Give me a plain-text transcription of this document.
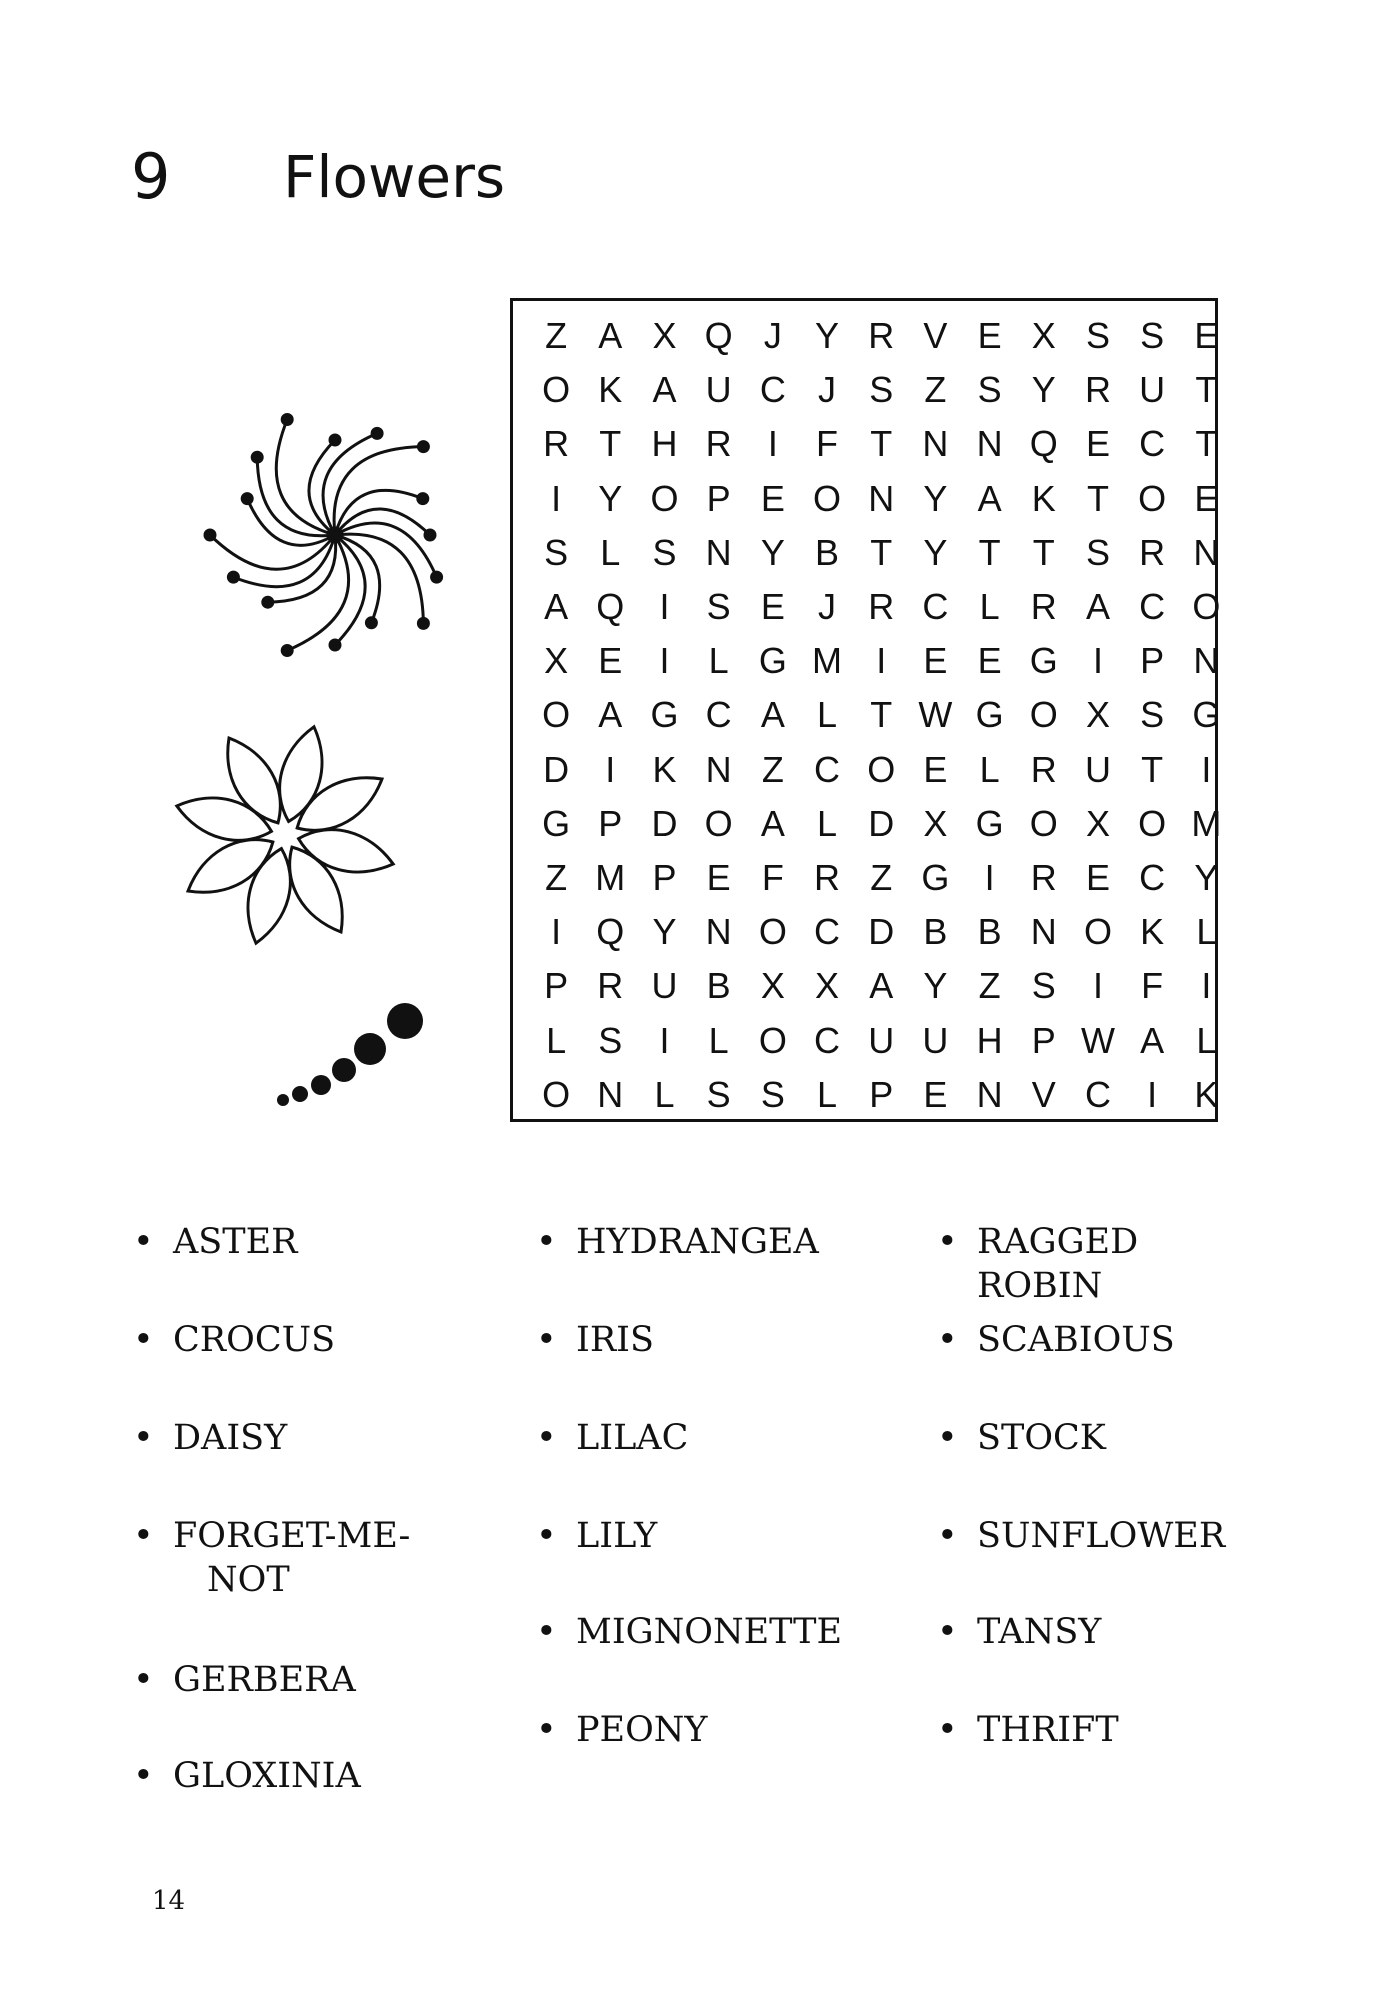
9 Flowers
Z A X Q J Y R V E X S S E
O K A U C J S Z S Y R U T
R T H R	I	F T N N Q E C T
I	Y O P E O N Y A K T O E
S L S N Y B T Y T T S R N
A Q I	S E J R C L R A C O
X E	I	L G M I	E E G I	P N
O A G C A L T W G O X S G
D	I	K N Z C O E L R U T	I
G P D O A L D X G O X O M
Z M P E F R Z G I	R E C Y
I Q Y N O C D B B N O K L
P R U B X X A Y Z S	I	F	I
L S	I	L O C U U H P W A L
O N L S S L P E N V C	I	K
• ASTER
• CROCUS
• DAISY
• FORGET-ME-
NOT
• GERBERA
• GLOXINIA
• HYDRANGEA
• IRIS
• LILAC
• LILY
• MIGNONETTE
• PEONY
• RAGGED ROBIN
• SCABIOUS
• STOCK
• SUNFLOWER
• TANSY
• THRIFT
14
